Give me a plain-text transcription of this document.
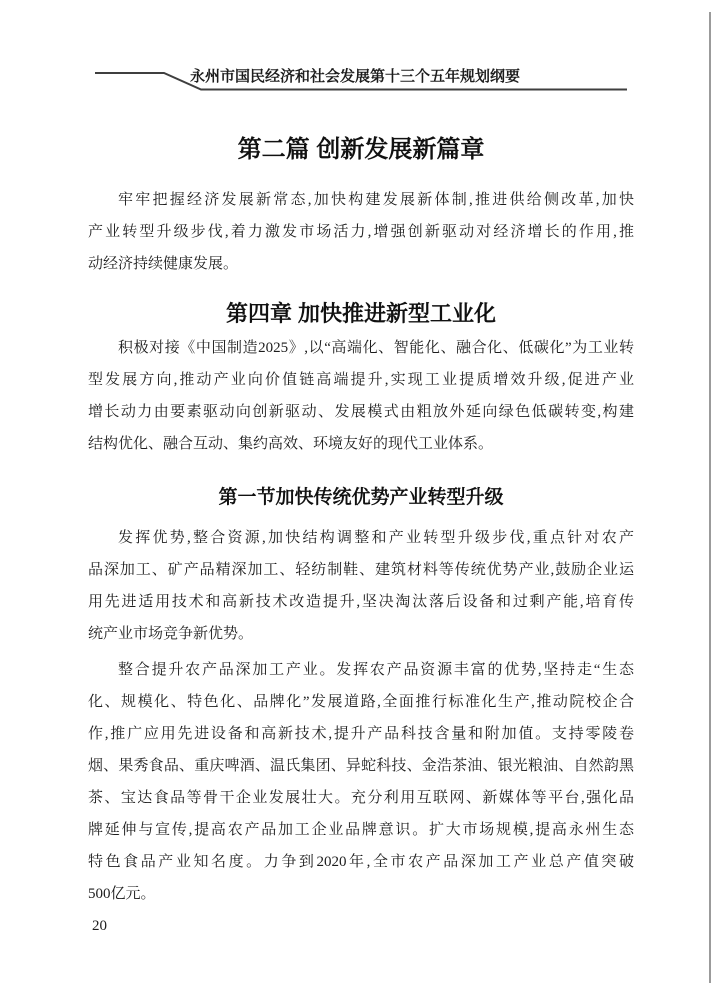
永州市国民经济和社会发展第十三个五年规划纲要
第二篇 创新发展新篇章
牢牢把握经济发展新常态,加快构建发展新体制,推进供给侧改革,加快
产业转型升级步伐,着力激发市场活力,增强创新驱动对经济增长的作用,推
动经济持续健康发展。
第四章 加快推进新型工业化
积极对接《中国制造2025》,以“高端化、智能化、融合化、低碳化”为工业转
型发展方向,推动产业向价值链高端提升,实现工业提质增效升级,促进产业
增长动力由要素驱动向创新驱动、发展模式由粗放外延向绿色低碳转变,构建
结构优化、融合互动、集约高效、环境友好的现代工业体系。
第一节加快传统优势产业转型升级
发挥优势,整合资源,加快结构调整和产业转型升级步伐,重点针对农产
品深加工、矿产品精深加工、轻纺制鞋、建筑材料等传统优势产业,鼓励企业运
用先进适用技术和高新技术改造提升,坚决淘汰落后设备和过剩产能,培育传
统产业市场竞争新优势。
整合提升农产品深加工产业。发挥农产品资源丰富的优势,坚持走“生态
化、规模化、特色化、品牌化”发展道路,全面推行标准化生产,推动院校企合
作,推广应用先进设备和高新技术,提升产品科技含量和附加值。支持零陵卷
烟、果秀食品、重庆啤酒、温氏集团、异蛇科技、金浩茶油、银光粮油、自然韵黑
茶、宝达食品等骨干企业发展壮大。充分利用互联网、新媒体等平台,强化品
牌延伸与宣传,提高农产品加工企业品牌意识。扩大市场规模,提高永州生态
特色食品产业知名度。力争到2020年,全市农产品深加工产业总产值突破
500亿元。
20
